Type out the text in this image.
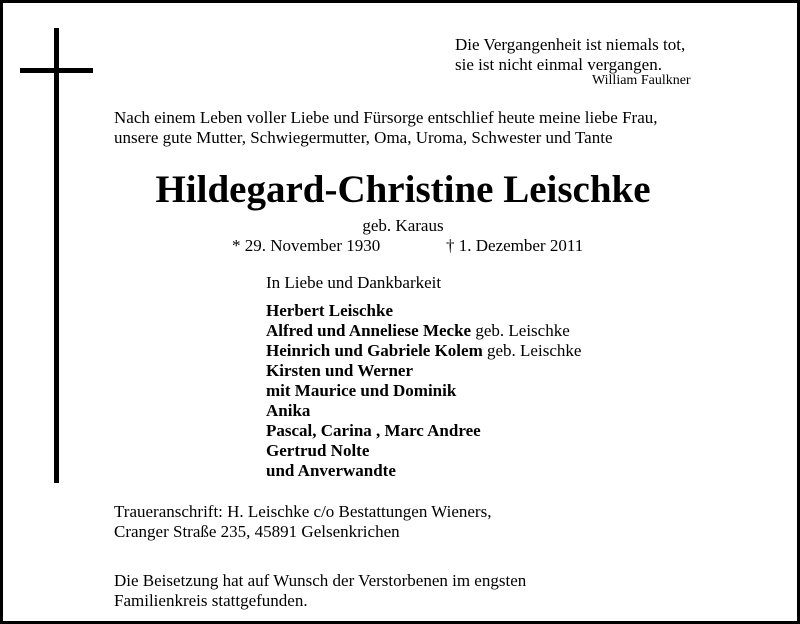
Die Vergangenheit ist niemals tot,
sie ist nicht einmal vergangen.
William Faulkner
Nach einem Leben voller Liebe und Fürsorge entschlief heute meine liebe Frau,
unsere gute Mutter, Schwiegermutter, Oma, Uroma, Schwester und Tante
Hildegard-Christine Leischke
geb. Karaus
* 29. November 1930	† 1. Dezember 2011
In Liebe und Dankbarkeit
Herbert Leischke
Alfred und Anneliese Mecke geb. Leischke
Heinrich und Gabriele Kolem geb. Leischke
Kirsten und Werner
mit Maurice und Dominik
Anika
Pascal, Carina , Marc Andree
Gertrud Nolte
und Anverwandte
Traueranschrift: H. Leischke c/o Bestattungen Wieners,
Cranger Straße 235, 45891 Gelsenkrichen
Die Beisetzung hat auf Wunsch der Verstorbenen im engsten
Familienkreis stattgefunden.
